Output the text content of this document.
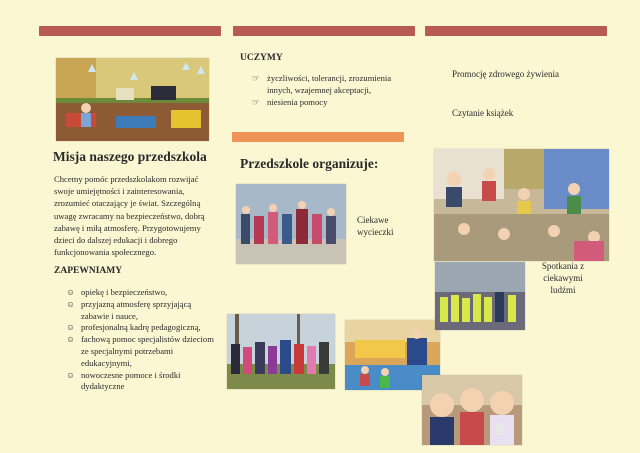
Misja naszego przedszkola
Chcemy pomóc przedszkolakom rozwijać swoje umiejętności i zainteresowania, zrozumieć otaczający je świat. Szczególną uwagę zwracamy na bezpieczeństwo, dobrą zabawę i miłą atmosferę. Przygotowujemy dzieci do dalszej edukacji i dobrego funkcjonowania społecznego.
ZAPEWNIAMY
☺ opiekę i bezpieczeństwo,
☺ przyjazną atmosferę sprzyjającą zabawie i nauce,
☺ profesjonalną kadrę pedagogiczną,
☺ fachową pomoc specjalistów dzieciom ze specjalnymi potrzebami edukacyjnymi,
☺ nowoczesne pomoce i środki dydaktyczne
UCZYMY
☞ życzliwości, tolerancji, zrozumienia innych, wzajemnej akceptacji,
☞ niesienia pomocy
Przedszkole organizuje:
Ciekawe wycieczki
Promocję zdrowego żywienia
Czytanie książek
Spotkania z ciekawymi ludźmi
